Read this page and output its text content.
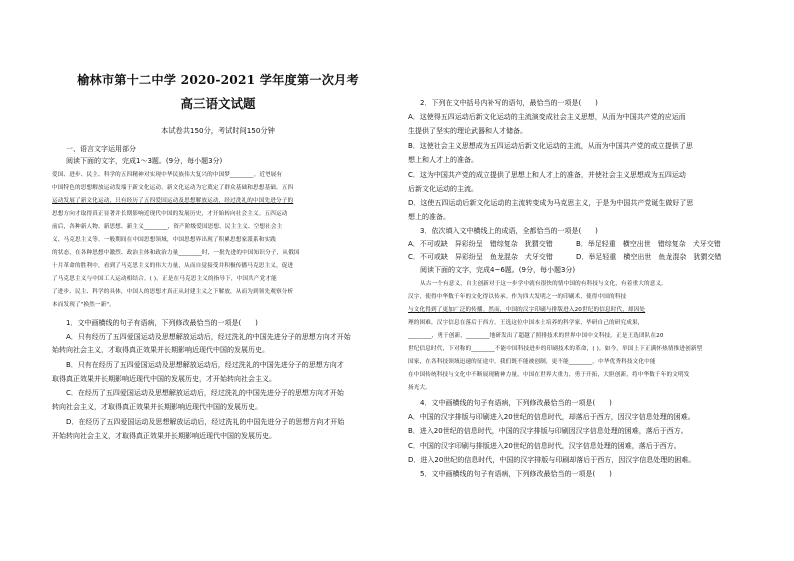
榆林市第十二中学 2020-2021 学年度第一次月考
高三语文试题
本试卷共150分，考试时间150分钟
一、语言文字运用部分
阅读下面的文字，完成1～3题。(9分，每小题3分)
爱国、进步、民主、科学的五四精神对实现中华民族伟大复兴的中国梦________。近현展有
中国特色的思想解放运动发端于新文化运动，新文化运动为它奠定了群众基础和思想基础。五四
运动发展了新文化运动，只有经历了五四爱国运动及思想解放运动，经过洗礼的中国先进分子的
思想方向才取得真正显著并长期影响近现代中国的发展历史，才开始转向社会主义。五四运动
前后，各种新人物、新思想、新主义________，资产阶级爱国思想、民主主义、空想社会主
义、马克思主义等。一般期间在中国思想领域，中国思想界出现了积累思想家派系和实践
的状态，在各种思想中激烈、政治主体和政治力量________时，一批先进的中国知识分子，从俄国
十月革命的胜利中，看到了马克思主义的伟大力量，从而自觉接受并积极传播马克思主义，促进
了马克思主义与中国工人运动相结合。( )。正是在马克思主义的指导下，中国共产党才能
了进步、民主、科学的具体，中国人的思想才真正从封建主义之下解放，从而为到领先观察分析
本而发现了"换然一新"。
1．文中画横线的句子有语病，下列修改最恰当的一项是(　　)
A．只有经历了五四爱国运动及思想解放运动后，经过洗礼的中国先进分子的思想方向才开始
始转向社会主义，才取得真正效果并长期影响近现代中国的发展历史。
B．只有在经历了五四爱国运动及思想解放运动后，经过洗礼的中国先进分子的思想方向才
取得真正效果并长期影响近现代中国的发展历史，才开始转向社会主义。
C．在经历了五四爱国运动及思想解放运动后，经过洗礼的中国先进分子的思想方向才开始
转向社会主义，才取得真正效果并长期影响近现代中国的发展历史。
D．在经历了五四爱国运动及思想解放运动后，经过洗礼的中国先进分子的思想方向才开始
开始转向社会主义，才取得真正效果并长期影响近现代中国的发展历史。
2．下列在文中括号内补写的语句，最恰当的一项是(　　)
A．这使得五四运动后新文化运动的主流演变成社会主义思想，从而为中国共产党的应运而
生提供了坚实的理论武器和人才储备。
B．这使社会主义思想成为五四运动后新文化运动的主流，从而为中国共产党的成立提供了思
想上和人才上的准备。
C．这为中国共产党的成立提供了思想上和人才上的准备，并使社会主义思想成为五四运动
后新文化运动的主流。
D．这使五四运动后新文化运动的主流转变成为马克思主义，于是为中国共产党诞生做好了思
想上的准备。
3．依次填入文中横线上的成语，全都恰当的一项是(　　)
A．不可或缺　异彩纷呈　错综复杂　犹猬交错	B．举足轻重　横空出世　错综复杂　犬牙交错
C．不可或缺　异彩纷呈　鱼龙混杂　犬牙交错	D．举足轻重　横空出世　鱼龙混杂　犹猬交错
阅读下面的文字，完成4~6题。(9分，每小题3分)
从古一个有意义，自主创新对于这一步学中就有很快的情中国的有科技与文化，有着重大的意义。
汉字，使得中华数千年的文化得以传承。作为四大发明之一的印刷术，使得中国的科技
与文化得到了更加广泛的传播。然而，中国的汉字印刷与排版进入20世纪的信息时代，却因处
理的困难，汉字信息在落后于西方。王选这位中国本土培养的科学家，毕研自己的研究成果，
________，勇于创新，________地研发出了超越了照排技术的世界中国中文科技。正是王选团队在20
世纪信息时代，下对称的________不能中国科技进步的印刷技术的革命，( )。如今，举国上下正满怀热情推进创新型
国家，在各科技领域迅速的征途中，我们既不能被创制，更不能________。中华优秀科技文化中能
在中国传统科技与文化中不断展现精神力量，中国在世界大重力，勇于开拓，大胆创新，将中华数千年的文明发
扬光大。
4．文中画横线的句子有语病，下列修改最恰当的一项是(　　)
A．中国的汉字排版与印刷进入20世纪的信息时代，却落后于西方，因汉字信息处理的困难。
B．进入20世纪的信息时代，中国的汉字排版与印刷因汉字信息处理的困难，落后于西方。
C．中国的汉字印刷与排版进入20世纪的信息时代，汉字信息处理的困难，落后于西方。
D．进入20世纪的信息时代，中国的汉字排版与印刷却落后于西方，因汉字信息处理的困难。
5．文中画横线的句子有语病，下列修改最恰当的一项是(　　)
